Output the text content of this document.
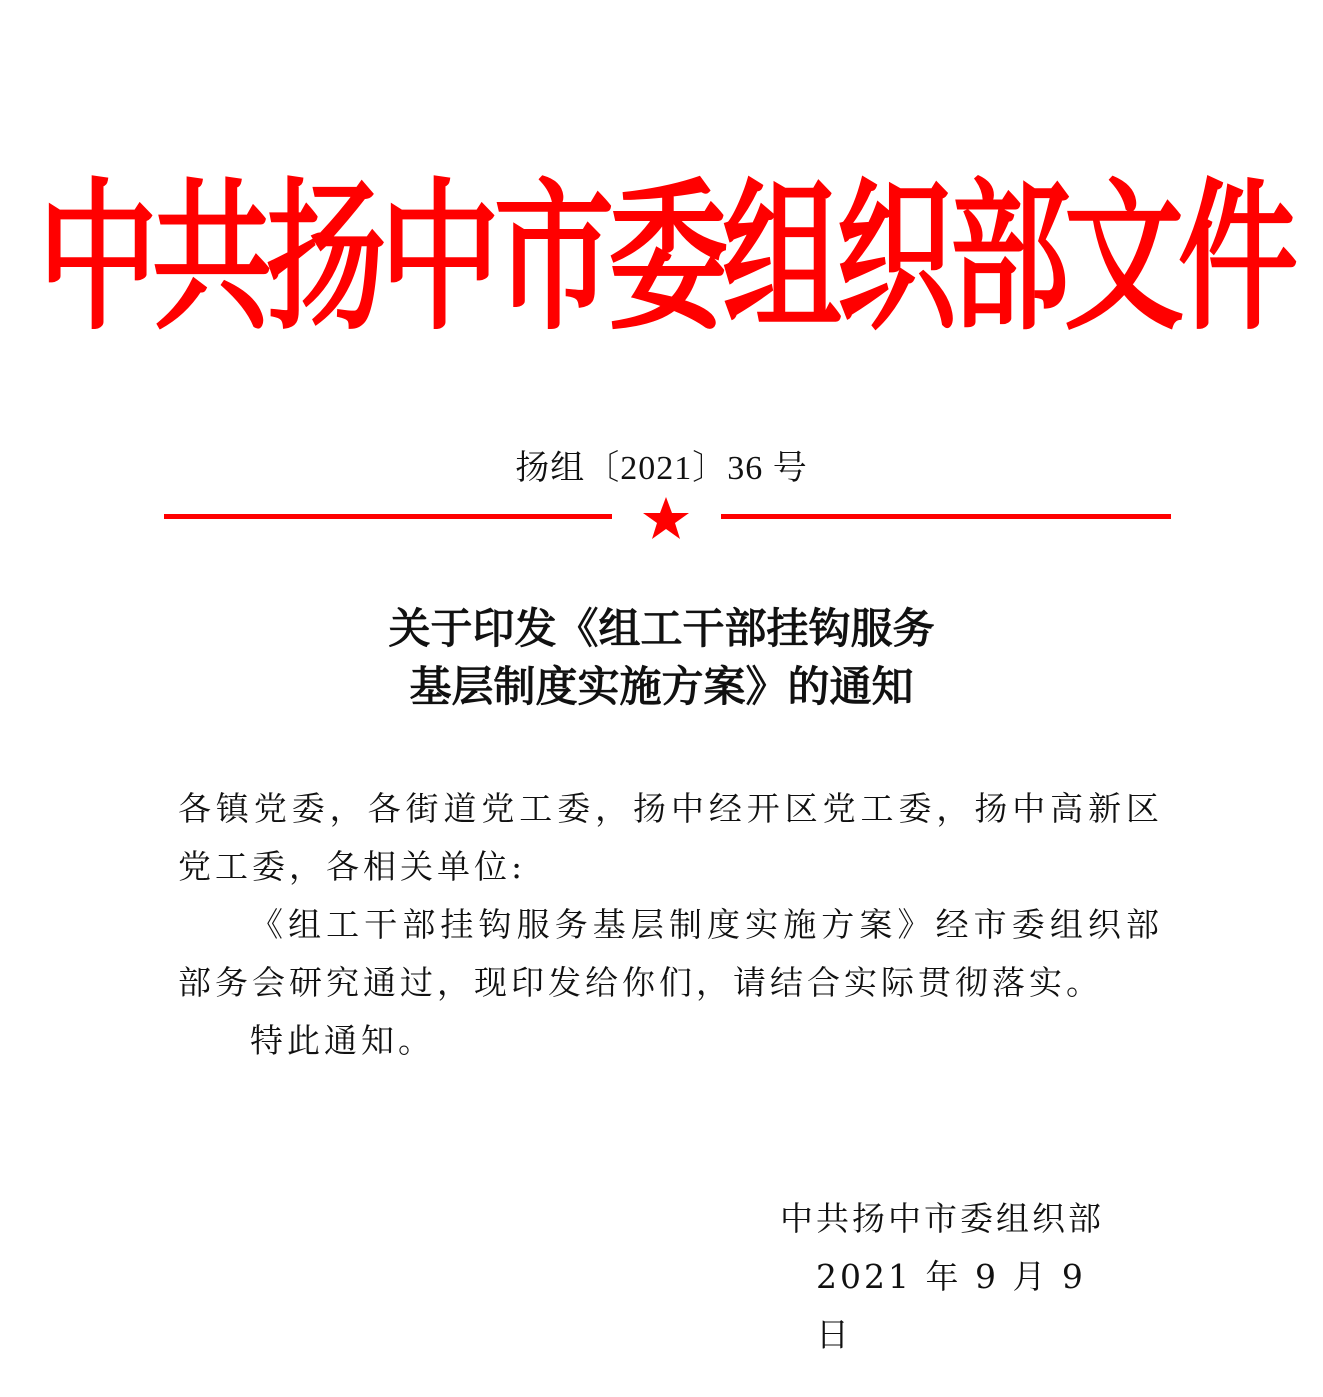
中共扬中市委组织部文件
扬组〔2021〕36 号
关于印发《组工干部挂钩服务
基层制度实施方案》的通知

各镇党委，各街道党工委，扬中经开区党工委，扬中高新区党工委，各相关单位:

《组工干部挂钩服务基层制度实施方案》经市委组织部部务会研究通过，现印发给你们，请结合实际贯彻落实。

特此通知。

中共扬中市委组织部
2021 年 9 月 9 日
